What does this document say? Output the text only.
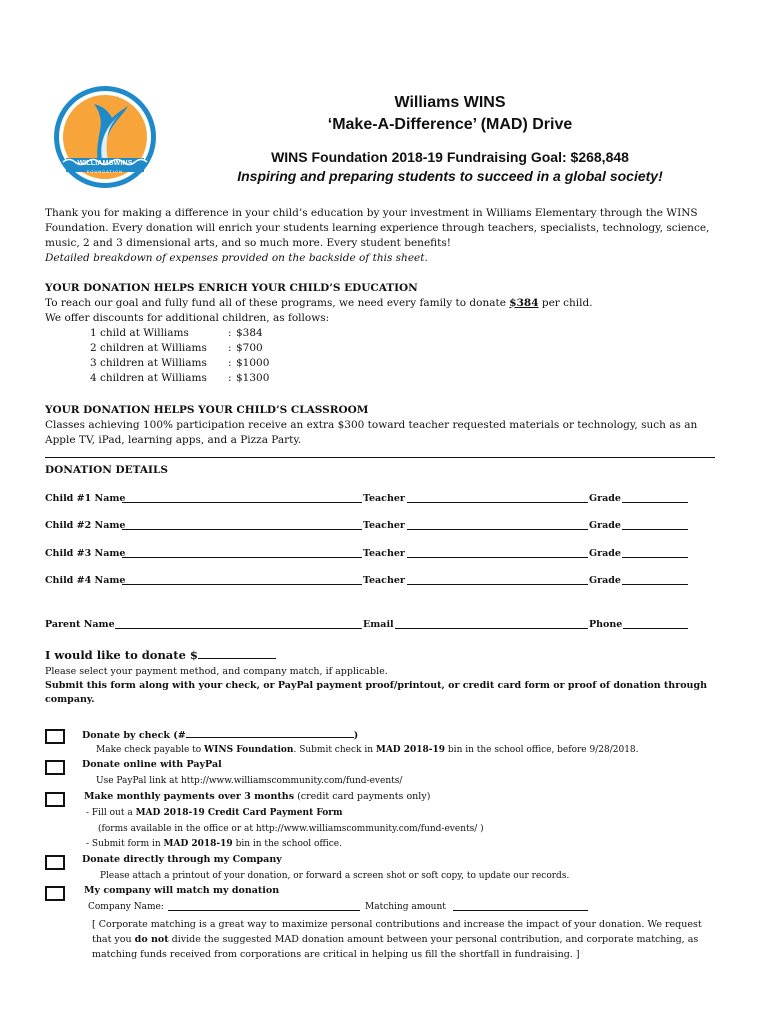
WILLIAMSWINS
FOUNDATION
Williams WINS
‘Make-A-Difference’ (MAD) Drive
WINS Foundation 2018-19 Fundraising Goal: $268,848
Inspiring and preparing students to succeed in a global society!
Thank you for making a difference in your child’s education by your investment in Williams Elementary through the WINS
Foundation. Every donation will enrich your students learning experience through teachers, specialists, technology, science,
music, 2 and 3 dimensional arts, and so much more. Every student benefits!
Detailed breakdown of expenses provided on the backside of this sheet.
YOUR DONATION HELPS ENRICH YOUR CHILD’S EDUCATION
To reach our goal and fully fund all of these programs, we need every family to donate $384 per child.
We offer discounts for additional children, as follows:
1 child at Williams	: $384
2 children at Williams : $700
3 children at Williams : $1000
4 children at Williams : $1300
YOUR DONATION HELPS YOUR CHILD’S CLASSROOM
Classes achieving 100% participation receive an extra $300 toward teacher requested materials or technology, such as an
Apple TV, iPad, learning apps, and a Pizza Party.
DONATION DETAILS
Child #1 Name	Teacher	Grade
Child #2 Name	Teacher	Grade
Child #3 Name	Teacher	Grade
Child #4 Name	Teacher	Grade
Parent Name	Email	Phone
I would like to donate $
Please select your payment method, and company match, if applicable.
Submit this form along with your check, or PayPal payment proof/printout, or credit card form or proof of donation through
company.
Donate by check (#	)
Make check payable to WINS Foundation. Submit check in MAD 2018-19 bin in the school office, before 9/28/2018.
Donate online with PayPal
Use PayPal link at http://www.williamscommunity.com/fund-events/
Make monthly payments over 3 months (credit card payments only)
- Fill out a MAD 2018-19 Credit Card Payment Form
(forms available in the office or at http://www.williamscommunity.com/fund-events/ )
- Submit form in MAD 2018-19 bin in the school office.
Donate directly through my Company
Please attach a printout of your donation, or forward a screen shot or soft copy, to update our records.
My company will match my donation
Company Name:	Matching amount
[ Corporate matching is a great way to maximize personal contributions and increase the impact of your donation. We request
that you do not divide the suggested MAD donation amount between your personal contribution, and corporate matching, as
matching funds received from corporations are critical in helping us fill the shortfall in fundraising. ]
